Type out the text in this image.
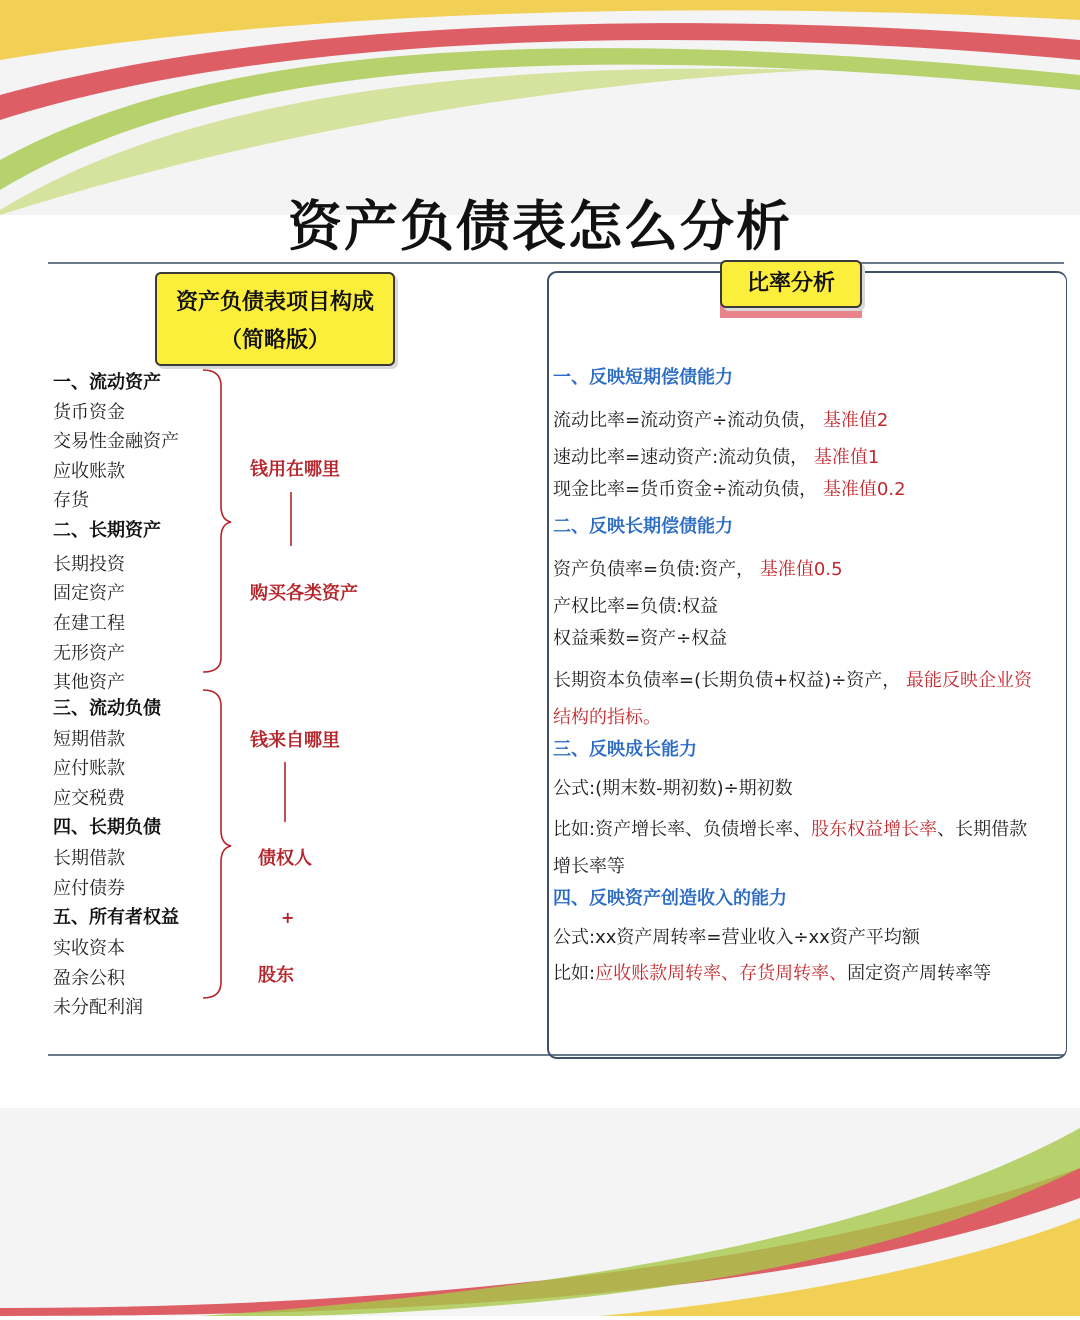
资产负债表怎么分析
资产负债表项目构成
（简略版）
一、流动资产
货币资金
交易性金融资产
应收账款
存货
二、长期资产
长期投资
固定资产
在建工程
无形资产
其他资产
三、流动负债
短期借款
应付账款
应交税费
四、长期负债
长期借款
应付债券
五、所有者权益
实收资本
盈余公积
未分配利润
钱用在哪里
购买各类资产
钱来自哪里
债权人
+
股东
比率分析
一、反映短期偿债能力
流动比率=流动资产÷流动负债， 基准值2
速动比率=速动资产:流动负债， 基准值1
现金比率=货币资金÷流动负债， 基准值0.2
二、反映长期偿债能力
资产负债率=负债:资产， 基准值0.5
产权比率=负债:权益
权益乘数=资产÷权益
长期资本负债率=(长期负债+权益)÷资产， 最能反映企业资
结构的指标。
三、反映成长能力
公式:(期末数-期初数)÷期初数
比如:资产增长率、负债增长率、股东权益增长率、长期借款
增长率等
四、反映资产创造收入的能力
公式:xx资产周转率=营业收入÷xx资产平均额
比如:应收账款周转率、存货周转率、固定资产周转率等
